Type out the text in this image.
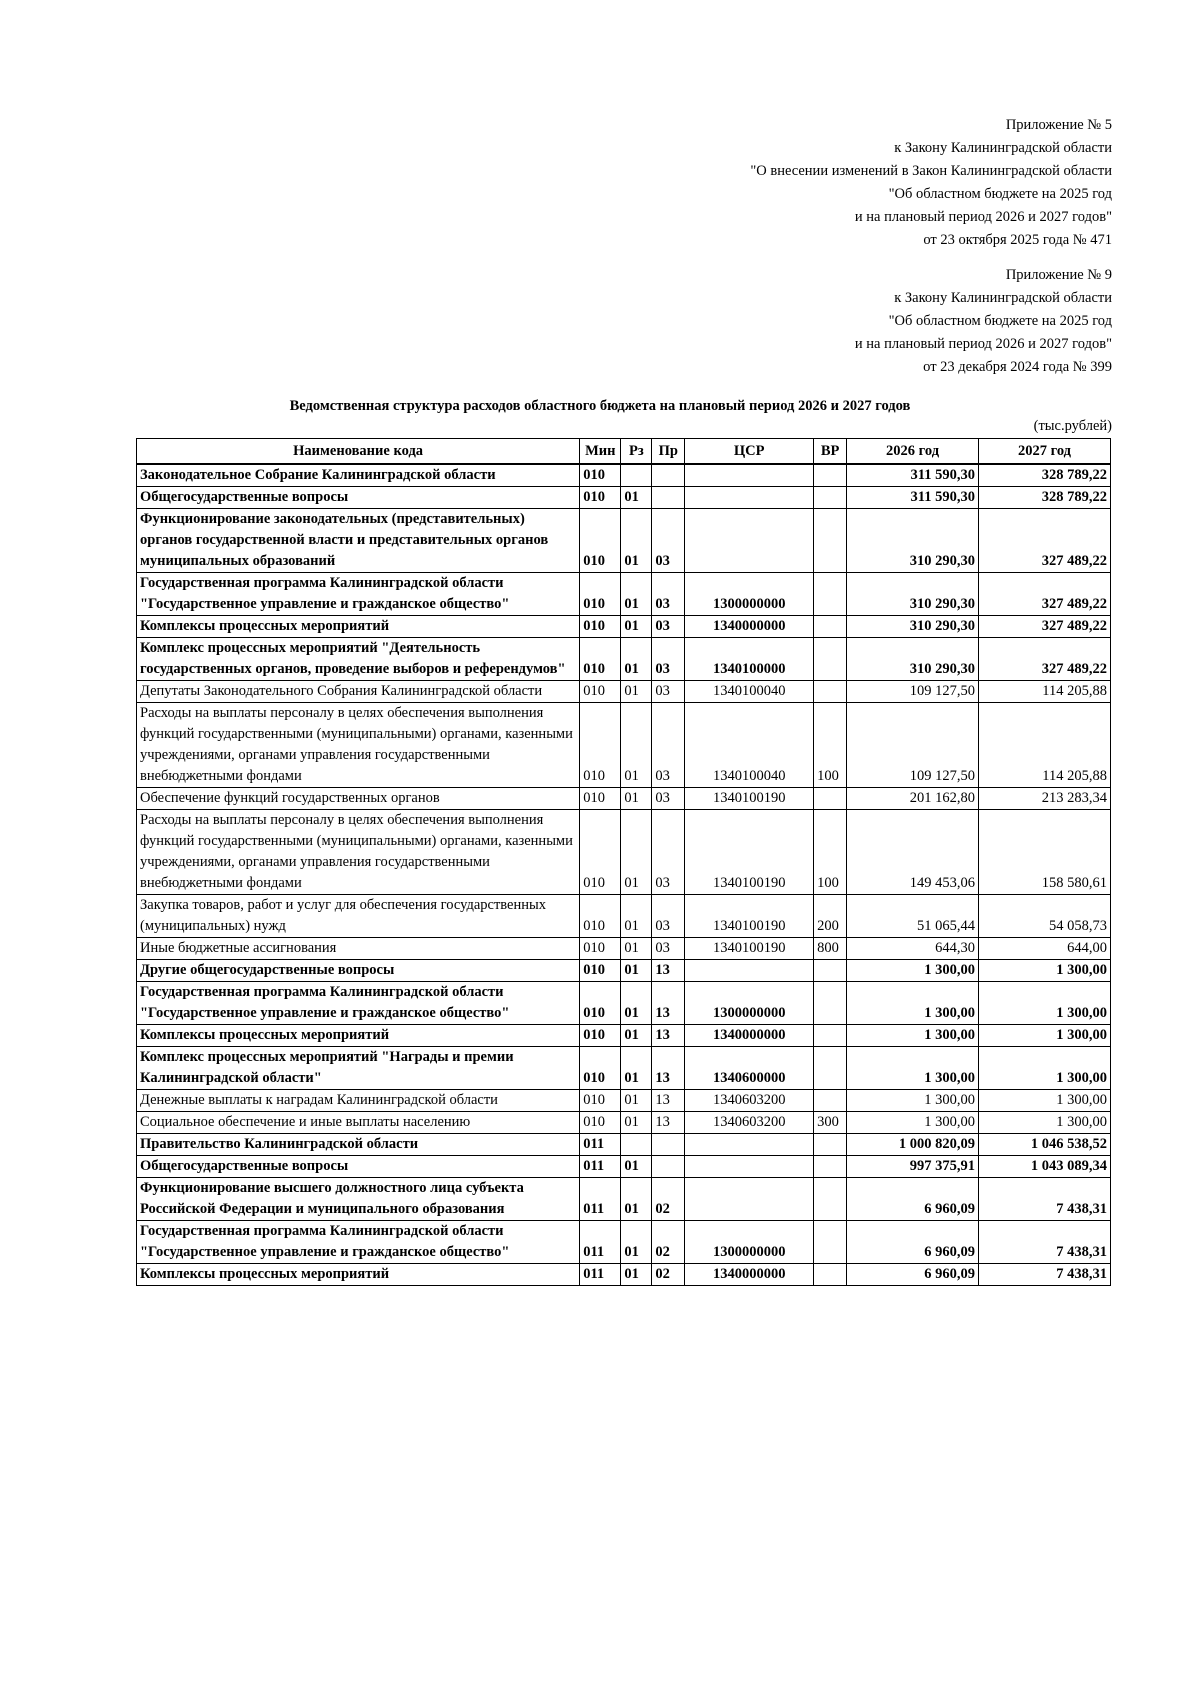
Приложение № 5
к Закону Калининградской области
"О внесении изменений в Закон Калининградской области
"Об областном бюджете на 2025 год
и на плановый период 2026 и 2027 годов"
от 23 октября 2025 года № 471
Приложение № 9
к Закону Калининградской области
"Об областном бюджете на 2025 год
и на плановый период 2026 и 2027 годов"
от 23 декабря 2024 года № 399
Ведомственная структура расходов областного бюджета на плановый период 2026 и 2027 годов
(тыс.рублей)
Наименование кода	Мин	Рз	Пр	ЦСР	ВР	2026 год	2027 год
Законодательное Собрание Калининградской области	010					311 590,30	328 789,22
Общегосударственные вопросы	010	01				311 590,30	328 789,22
Функционирование законодательных (представительных) органов государственной власти и представительных органов муниципальных образований	010	01	03			310 290,30	327 489,22
Государственная программа Калининградской области "Государственное управление и гражданское общество"	010	01	03	1300000000		310 290,30	327 489,22
Комплексы процессных мероприятий	010	01	03	1340000000		310 290,30	327 489,22
Комплекс процессных мероприятий "Деятельность государственных органов, проведение выборов и референдумов"	010	01	03	1340100000		310 290,30	327 489,22
Депутаты Законодательного Собрания Калининградской области	010	01	03	1340100040		109 127,50	114 205,88
Расходы на выплаты персоналу в целях обеспечения выполнения функций государственными (муниципальными) органами, казенными учреждениями, органами управления государственными внебюджетными фондами	010	01	03	1340100040	100	109 127,50	114 205,88
Обеспечение функций государственных органов	010	01	03	1340100190		201 162,80	213 283,34
Расходы на выплаты персоналу в целях обеспечения выполнения функций государственными (муниципальными) органами, казенными учреждениями, органами управления государственными внебюджетными фондами	010	01	03	1340100190	100	149 453,06	158 580,61
Закупка товаров, работ и услуг для обеспечения государственных (муниципальных) нужд	010	01	03	1340100190	200	51 065,44	54 058,73
Иные бюджетные ассигнования	010	01	03	1340100190	800	644,30	644,00
Другие общегосударственные вопросы	010	01	13			1 300,00	1 300,00
Государственная программа Калининградской области "Государственное управление и гражданское общество"	010	01	13	1300000000		1 300,00	1 300,00
Комплексы процессных мероприятий	010	01	13	1340000000		1 300,00	1 300,00
Комплекс процессных мероприятий "Награды и премии Калининградской области"	010	01	13	1340600000		1 300,00	1 300,00
Денежные выплаты к наградам Калининградской области	010	01	13	1340603200		1 300,00	1 300,00
Социальное обеспечение и иные выплаты населению	010	01	13	1340603200	300	1 300,00	1 300,00
Правительство Калининградской области	011					1 000 820,09	1 046 538,52
Общегосударственные вопросы	011	01				997 375,91	1 043 089,34
Функционирование высшего должностного лица субъекта Российской Федерации и муниципального образования	011	01	02			6 960,09	7 438,31
Государственная программа Калининградской области "Государственное управление и гражданское общество"	011	01	02	1300000000		6 960,09	7 438,31
Комплексы процессных мероприятий	011	01	02	1340000000		6 960,09	7 438,31
